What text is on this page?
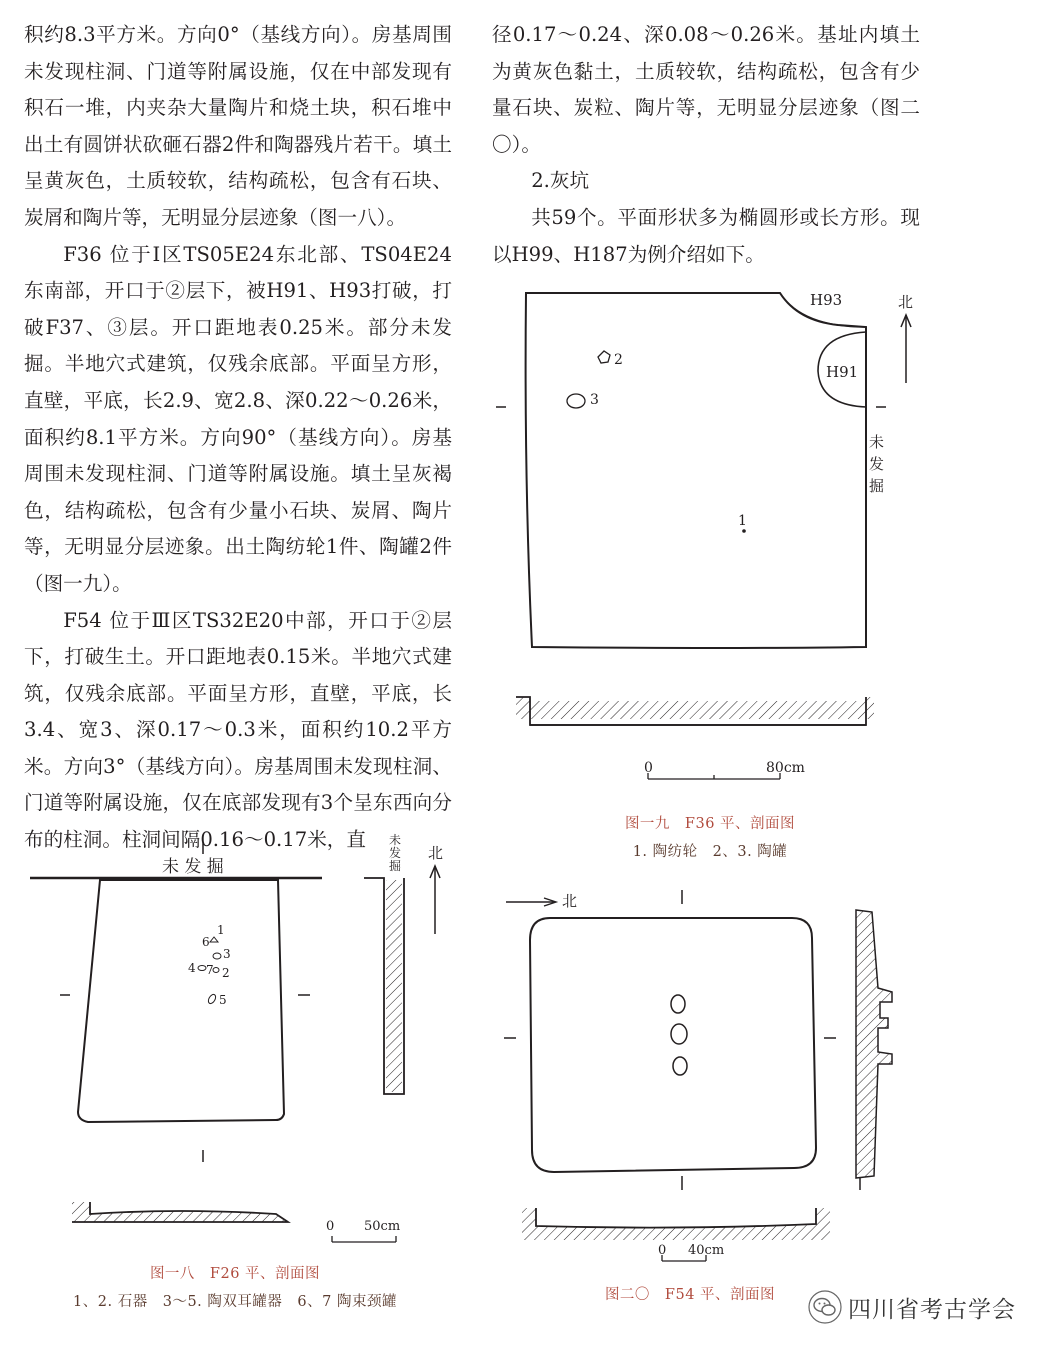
积约8.3平方米。方向0°（基线方向）。房基周围未发现柱洞、门道等附属设施，仅在中部发现有积石一堆，内夹杂大量陶片和烧土块，积石堆中出土有圆饼状砍砸石器2件和陶器残片若干。填土呈黄灰色，土质较软，结构疏松，包含有石块、炭屑和陶片等，无明显分层迹象（图一八）。

F36 位于Ⅰ区TS05E24东北部、TS04E24东南部，开口于②层下，被H91、H93打破，打破F37、③层。开口距地表0.25米。部分未发掘。半地穴式建筑，仅残余底部。平面呈方形，直壁，平底，长2.9、宽2.8、深0.22～0.26米，面积约8.1平方米。方向90°（基线方向）。房基周围未发现柱洞、门道等附属设施。填土呈灰褐色，结构疏松，包含有少量小石块、炭屑、陶片等，无明显分层迹象。出土陶纺轮1件、陶罐2件（图一九）。

F54 位于Ⅲ区TS32E20中部，开口于②层下，打破生土。开口距地表0.15米。半地穴式建筑，仅残余底部。平面呈方形，直壁，平底，长3.4、宽3、深0.17～0.3米，面积约10.2平方米。方向3°（基线方向）。房基周围未发现柱洞、门道等附属设施，仅在底部发现有3个呈东西向分布的柱洞。柱洞间隔0.16～0.17米，直

径0.17～0.24、深0.08～0.26米。基址内填土为黄灰色黏土，土质较软，结构疏松，包含有少量石块、炭粒、陶片等，无明显分层迹象（图二〇）。

2.灰坑

共59个。平面形状多为椭圆形或长方形。现以H99、H187为例介绍如下。

H93
H91
北
未发掘
2
3
1
0	80cm
图一九　F36 平、剖面图
1. 陶纺轮　2、3. 陶罐
未 发 掘
1
6
3
4 7 2
5
未发掘
北
0 50cm
图一八　F26 平、剖面图
1、2. 石器　3～5. 陶双耳罐器　6、7 陶束颈罐
北
0 40cm
图二〇　F54 平、剖面图
四川省考古学会
